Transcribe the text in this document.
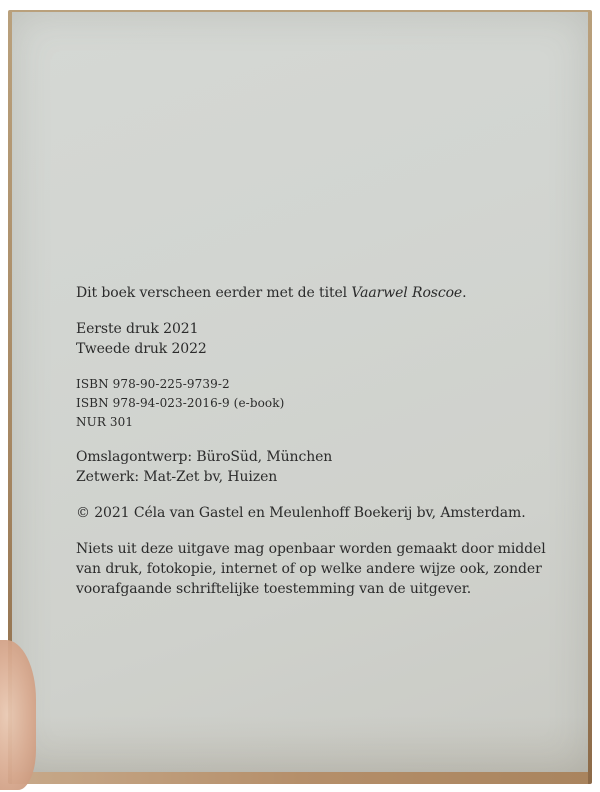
Dit boek verscheen eerder met de titel Vaarwel Roscoe.
Eerste druk 2021
Tweede druk 2022
ISBN 978-90-225-9739-2
ISBN 978-94-023-2016-9 (e-book)
NUR 301
Omslagontwerp: BüroSüd, München
Zetwerk: Mat-Zet bv, Huizen
© 2021 Céla van Gastel en Meulenhoff Boekerij bv, Amsterdam.
Niets uit deze uitgave mag openbaar worden gemaakt door middel
van druk, fotokopie, internet of op welke andere wijze ook, zonder
voorafgaande schriftelijke toestemming van de uitgever.
